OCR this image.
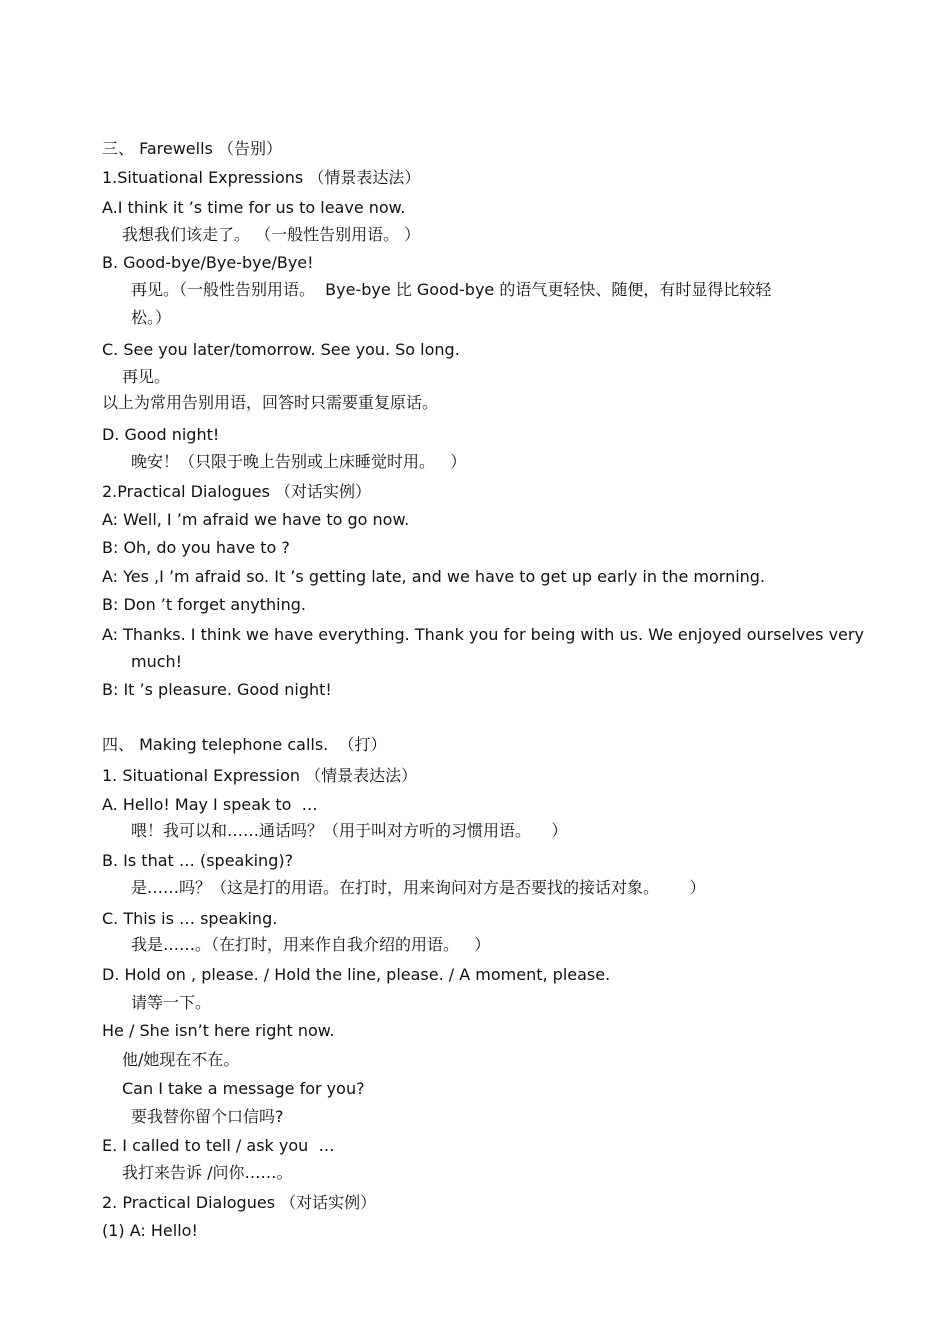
三、 Farewells （告别）
1.Situational Expressions （情景表达法）
A.I think it ’s time for us to leave now.
我想我们该走了。 （一般性告别用语。 ）
B. Good-bye/Bye-bye/Bye!
再见。（一般性告别用语。  Bye-bye 比 Good-bye 的语气更轻快、随便，有时显得比较轻
松。）
C. See you later/tomorrow. See you. So long.
再见。
以上为常用告别用语，回答时只需要重复原话。
D. Good night!
晚安！（只限于晚上告别或上床睡觉时用。   ）
2.Practical Dialogues （对话实例）
A: Well, I ’m afraid we have to go now.
B: Oh, do you have to ?
A: Yes ,I ’m afraid so. It ’s getting late, and we have to get up early in the morning.
B: Don ’t forget anything.
A: Thanks. I think we have everything. Thank you for being with us. We enjoyed ourselves very
much!
B: It ’s pleasure. Good night!
四、 Making telephone calls.  （打）
1. Situational Expression （情景表达法）
A. Hello! May I speak to  …
喂！我可以和……通话吗？（用于叫对方听的习惯用语。    ）
B. Is that … (speaking)?
是……吗？（这是打的用语。在打时，用来询问对方是否要找的接话对象。      ）
C. This is … speaking.
我是……。（在打时，用来作自我介绍的用语。   ）
D. Hold on , please. / Hold the line, please. / A moment, please.
请等一下。
He / She isn’t here right now.
他/她现在不在。
Can I take a message for you?
要我替你留个口信吗?
E. I called to tell / ask you  …
我打来告诉 /问你……。
2. Practical Dialogues （对话实例）
(1) A: Hello!
